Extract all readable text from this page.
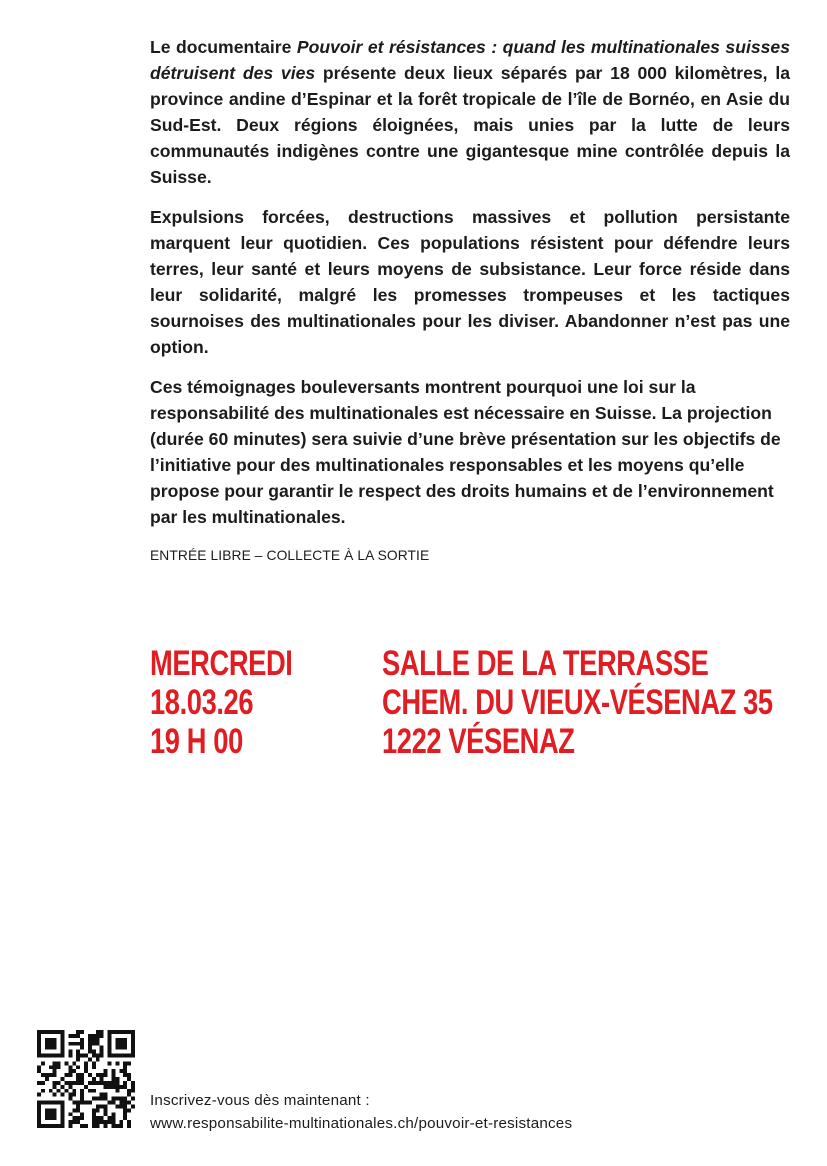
Le documentaire Pouvoir et résistances : quand les multinationales suisses détruisent des vies présente deux lieux séparés par 18 000 kilomètres, la province andine d’Espinar et la forêt tropicale de l’île de Bornéo, en Asie du Sud-Est. Deux régions éloignées, mais unies par la lutte de leurs communautés indigènes contre une gigantesque mine contrôlée depuis la Suisse.

Expulsions forcées, destructions massives et pollution persistante marquent leur quotidien. Ces populations résistent pour défendre leurs terres, leur santé et leurs moyens de subsistance. Leur force réside dans leur solidarité, malgré les promesses trompeuses et les tactiques sournoises des multinationales pour les diviser. Abandonner n’est pas une option.

Ces témoignages bouleversants montrent pourquoi une loi sur la responsabilité des multinationales est nécessaire en Suisse. La projection (durée 60 minutes) sera suivie d’une brève présentation sur les objectifs de l’initiative pour des multinationales responsables et les moyens qu’elle propose pour garantir le respect des droits humains et de l’environnement par les multinationales.

ENTRÉE LIBRE – COLLECTE À LA SORTIE
MERCREDI
18.03.26
19 H 00
SALLE DE LA TERRASSE
CHEM. DU VIEUX-VÉSENAZ 35
1222 VÉSENAZ
Inscrivez-vous dès maintenant :
www.responsabilite-multinationales.ch/pouvoir-et-resistances
